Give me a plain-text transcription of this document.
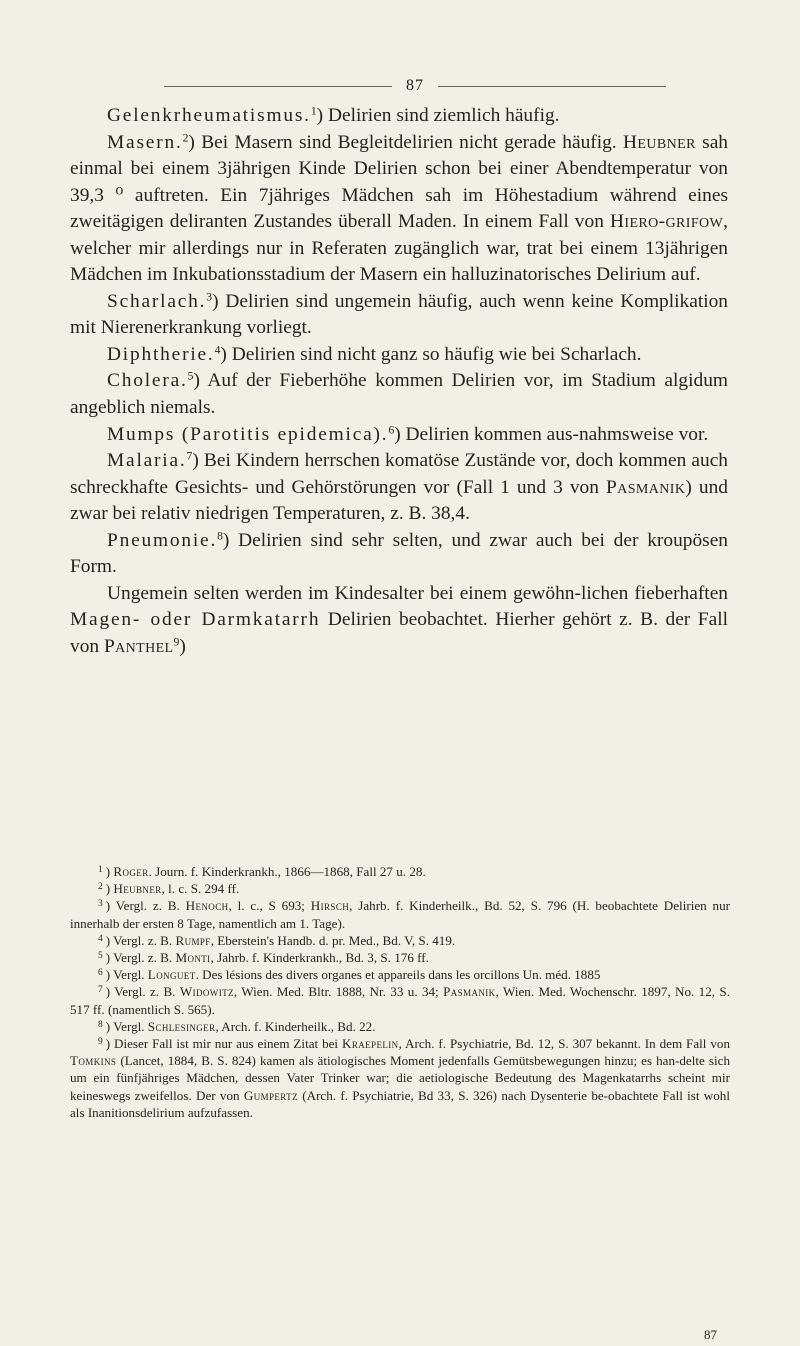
87

Gelenkrheumatismus.$^1$) Delirien sind ziemlich häufig.

Masern.$^2$) Bei Masern sind Begleitdelirien nicht gerade häufig. Heubner sah einmal bei einem 3jährigen Kinde Delirien schon bei einer Abendtemperatur von 39,3 ⁰ auftreten. Ein 7jähriges Mädchen sah im Höhestadium während eines zweitägigen deliranten Zustandes überall Maden. In einem Fall von Hiero-grifow, welcher mir allerdings nur in Referaten zugänglich war, trat bei einem 13jährigen Mädchen im Inkubationsstadium der Masern ein halluzinatorisches Delirium auf.

Scharlach.$^3$) Delirien sind ungemein häufig, auch wenn keine Komplikation mit Nierenerkrankung vorliegt.

Diphtherie.$^4$) Delirien sind nicht ganz so häufig wie bei Scharlach.

Cholera.$^5$) Auf der Fieberhöhe kommen Delirien vor, im Stadium algidum angeblich niemals.

Mumps (Parotitis epidemica).$^6$) Delirien kommen aus-nahmsweise vor.

Malaria.$^7$) Bei Kindern herrschen komatöse Zustände vor, doch kommen auch schreckhafte Gesichts- und Gehörstörungen vor (Fall 1 und 3 von Pasmanik) und zwar bei relativ niedrigen Temperaturen, z. B. 38,4.

Pneumonie.$^8$) Delirien sind sehr selten, und zwar auch bei der kroupösen Form.

Ungemein selten werden im Kindesalter bei einem gewöhn-lichen fieberhaften Magen- oder Darmkatarrh Delirien beobachtet. Hierher gehört z. B. der Fall von Panthel$^9$)

$^1$ ) Roger. Journ. f. Kinderkrankh., 1866—1868, Fall 27 u. 28.

$^2$ ) Heubner, l. c. S. 294 ff.

$^3$ ) Vergl. z. B. Henoch, l. c., S 693; Hirsch, Jahrb. f. Kinderheilk., Bd. 52, S. 796 (H. beobachtete Delirien nur innerhalb der ersten 8 Tage, namentlich am 1. Tage).

$^4$ ) Vergl. z. B. Rumpf, Eberstein's Handb. d. pr. Med., Bd. V, S. 419.

$^5$ ) Vergl. z. B. Monti, Jahrb. f. Kinderkrankh., Bd. 3, S. 176 ff.

$^6$ ) Vergl. Longuet. Des lésions des divers organes et appareils dans les orcillons Un. méd. 1885

$^7$ ) Vergl. z. B. Widowitz, Wien. Med. Bltr. 1888, Nr. 33 u. 34; Pasmanik, Wien. Med. Wochenschr. 1897, No. 12, S. 517 ff. (namentlich S. 565).

$^8$ ) Vergl. Schlesinger, Arch. f. Kinderheilk., Bd. 22.

$^9$ ) Dieser Fall ist mir nur aus einem Zitat bei Kraepelin, Arch. f. Psychiatrie, Bd. 12, S. 307 bekannt. In dem Fall von Tomkins (Lancet, 1884, B. S. 824) kamen als ätiologisches Moment jedenfalls Gemütsbewegungen hinzu; es han-delte sich um ein fünfjähriges Mädchen, dessen Vater Trinker war; die aetiologische Bedeutung des Magenkatarrhs scheint mir keineswegs zweifellos. Der von Gumpertz (Arch. f. Psychiatrie, Bd 33, S. 326) nach Dysenterie be-obachtete Fall ist wohl als Inanitionsdelirium aufzufassen.

87
